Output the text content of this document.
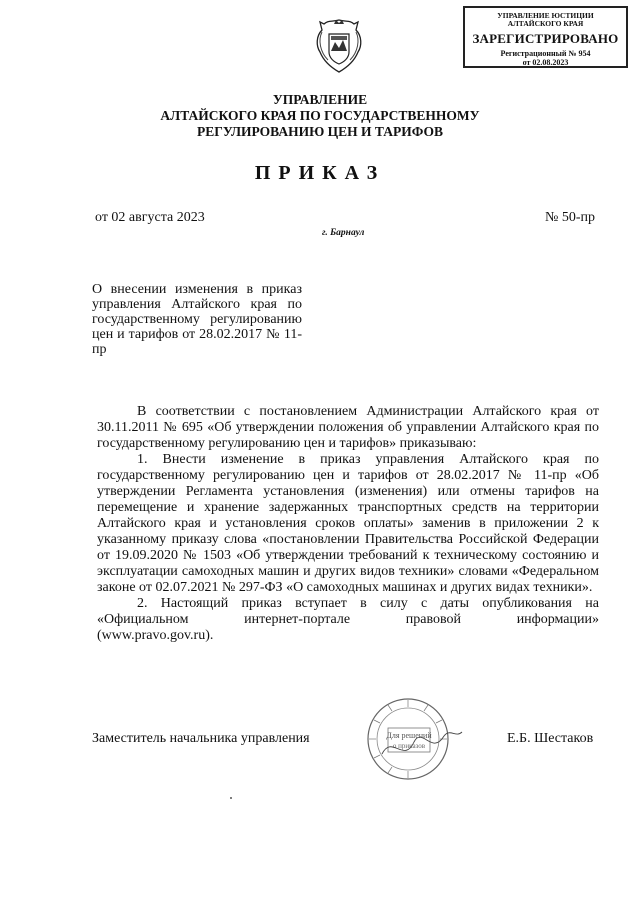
УПРАВЛЕНИЕ ЮСТИЦИИ
АЛТАЙСКОГО КРАЯ
ЗАРЕГИСТРИРОВАНО
Регистрационный № 954
от 02.08.2023
УПРАВЛЕНИЕ
АЛТАЙСКОГО КРАЯ ПО ГОСУДАРСТВЕННОМУ
РЕГУЛИРОВАНИЮ ЦЕН И ТАРИФОВ
ПРИКАЗ
от 02 августа 2023	№ 50-пр
г. Барнаул
О внесении изменения в приказ управления Алтайского края по государственному регулированию цен и тарифов от 28.02.2017 № 11-пр

В соответствии с постановлением Администрации Алтайского края от 30.11.2011 № 695 «Об утверждении положения об управлении Алтайского края по государственному регулированию цен и тарифов» приказываю:

1. Внести изменение в приказ управления Алтайского края по государственному регулированию цен и тарифов от 28.02.2017 № 11-пр «Об утверждении Регламента установления (изменения) или отмены тарифов на перемещение и хранение задержанных транспортных средств на территории Алтайского края и установления сроков оплаты» заменив в приложении 2 к указанному приказу слова «постановлении Правительства Российской Федерации от 19.09.2020 № 1503 «Об утверждении требований к техническому состоянию и эксплуатации самоходных машин и других видов техники» словами «Федеральном законе от 02.07.2021 № 297-ФЗ «О самоходных машинах и других видах техники».

2. Настоящий приказ вступает в силу с даты опубликования на «Официальном интернет-портале правовой информации»

(www.pravo.gov.ru).
Заместитель начальника управления	Е.Б. Шестаков
Для решений
о приказов
